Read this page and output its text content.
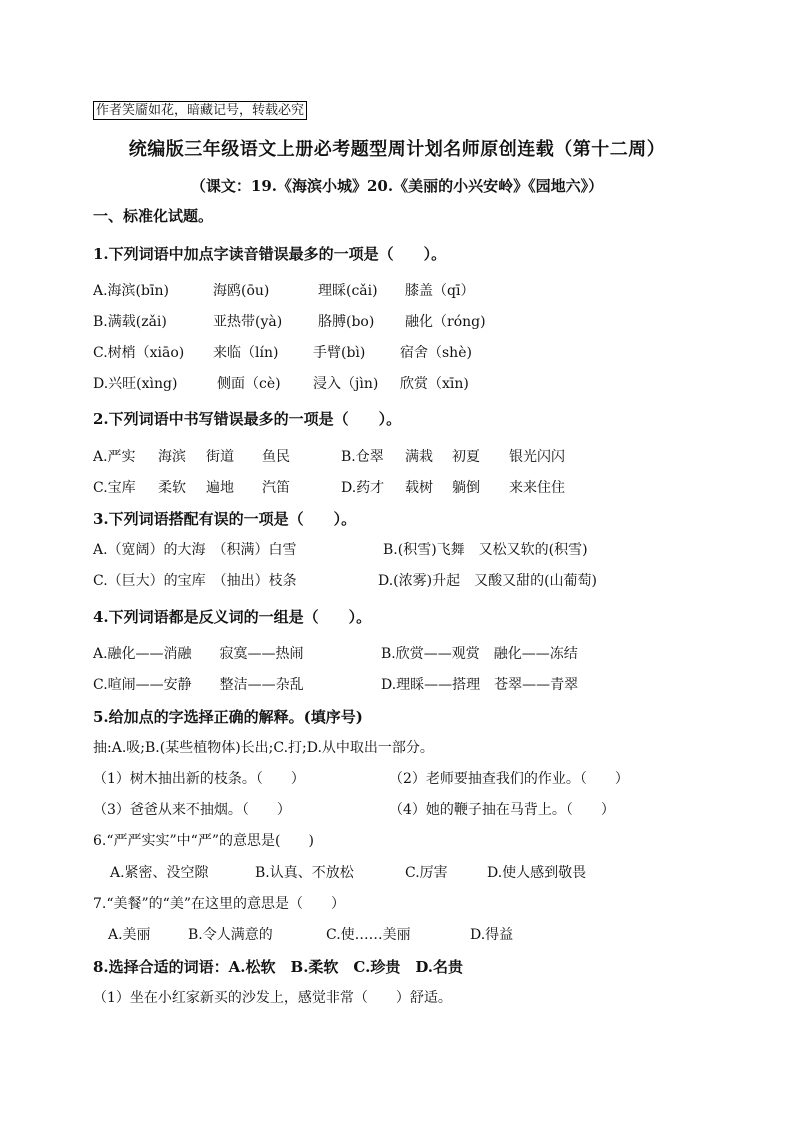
作者笑靥如花，暗藏记号，转载必究
统编版三年级语文上册必考题型周计划名师原创连载（第十二周）
（课文：19.《海滨小城》20.《美丽的小兴安岭》《园地六》）
一、标准化试题。
1.下列词语中加点字读音错误最多的一项是（　　）。
A.海滨(bīn)	海鸥(ōu)	理睬(cǎi) 膝盖（qī）
B.满载(zǎi)	亚热带(yà)	胳膊(bo) 融化（róng)
C.树梢（xiāo) 来临（lín) 手臂(bì) 宿舍（shè)
D.兴旺(xìng)	侧面（cè) 浸入（jìn) 欣赏（xīn)
2.下列词语中书写错误最多的一项是（　　）。
A.严实 海滨 街道 鱼民	B.仓翠 满栽 初夏 银光闪闪
C.宝库 柔软 遍地 汽笛	D.药才 载树 躺倒 来来住住
3.下列词语搭配有误的一项是（　　）。
A.（宽阔）的大海　（积满）白雪	B.(积雪)飞舞　又松又软的(积雪)
C.（巨大）的宝库　（抽出）枝条	D.(浓雾)升起　又酸又甜的(山葡萄)
4.下列词语都是反义词的一组是（　　）。
A.融化——消融　　寂寞——热闹	B.欣赏——观赏　融化——冻结
C.喧闹——安静　　整洁——杂乱	D.理睬——搭理　苍翠——青翠
5.给加点的字选择正确的解释。(填序号)
抽:A.吸;B.(某些植物体)长出;C.打;D.从中取出一部分。
（1）树木抽出新的枝条。（　　）	（2）老师要抽查我们的作业。（　　）
（3）爸爸从来不抽烟。（　　）	（4）她的鞭子抽在马背上。（　　）
6.“严严实实”中“严”的意思是(　　)
A.紧密、没空隙	B.认真、不放松	C.厉害	D.使人感到敬畏
7.“美餐”的“美”在这里的意思是（　　）
A.美丽	B.令人满意的	C.使……美丽	D.得益
8.选择合适的词语：A.松软　B.柔软　C.珍贵　D.名贵
（1）坐在小红家新买的沙发上，感觉非常（　　）舒适。
